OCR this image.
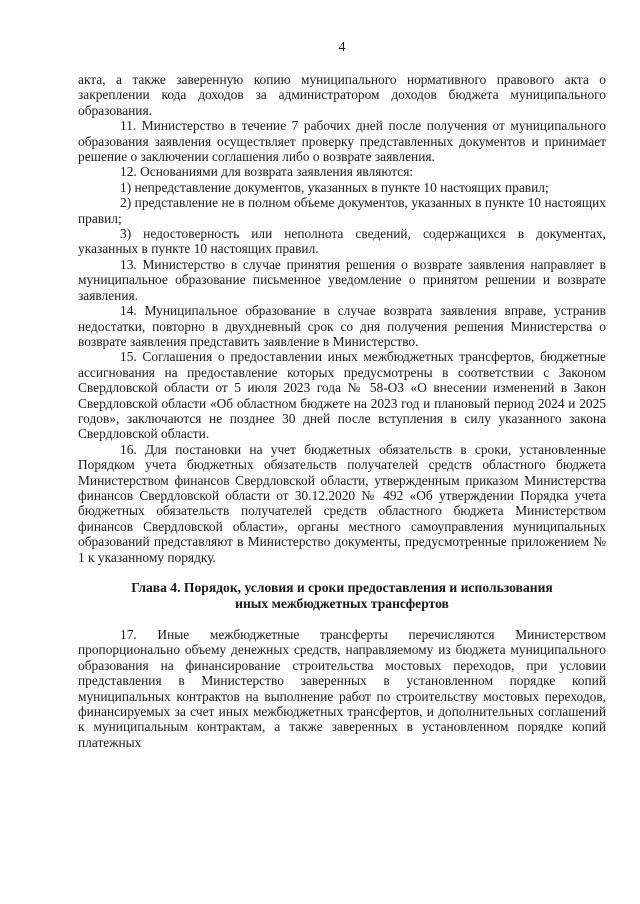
4

акта, а также заверенную копию муниципального нормативного правового акта о закреплении кода доходов за администратором доходов бюджета муниципального образования.

11. Министерство в течение 7 рабочих дней после получения от муниципального образования заявления осуществляет проверку представленных документов и принимает решение о заключении соглашения либо о возврате заявления.

12. Основаниями для возврата заявления являются:

1) непредставление документов, указанных в пункте 10 настоящих правил;

2) представление не в полном объеме документов, указанных в пункте 10 настоящих правил;

3) недостоверность или неполнота сведений, содержащихся в документах, указанных в пункте 10 настоящих правил.

13. Министерство в случае принятия решения о возврате заявления направляет в муниципальное образование письменное уведомление о принятом решении и возврате заявления.

14. Муниципальное образование в случае возврата заявления вправе, устранив недостатки, повторно в двухдневный срок со дня получения решения Министерства о возврате заявления представить заявление в Министерство.

15. Соглашения о предоставлении иных межбюджетных трансфертов, бюджетные ассигнования на предоставление которых предусмотрены в соответствии с Законом Свердловской области от 5 июля 2023 года № 58-ОЗ «О внесении изменений в Закон Свердловской области «Об областном бюджете на 2023 год и плановый период 2024 и 2025 годов», заключаются не позднее 30 дней после вступления в силу указанного закона Свердловской области.

16. Для постановки на учет бюджетных обязательств в сроки, установленные Порядком учета бюджетных обязательств получателей средств областного бюджета Министерством финансов Свердловской области, утвержденным приказом Министерства финансов Свердловской области от 30.12.2020 № 492 «Об утверждении Порядка учета бюджетных обязательств получателей средств областного бюджета Министерством финансов Свердловской области», органы местного самоуправления муниципальных образований представляют в Министерство документы, предусмотренные приложением № 1 к указанному порядку.

Глава 4. Порядок, условия и сроки предоставления и использования
иных межбюджетных трансфертов

17. Иные межбюджетные трансферты перечисляются Министерством пропорционально объему денежных средств, направляемому из бюджета муниципального образования на финансирование строительства мостовых переходов, при условии представления в Министерство заверенных в установленном порядке копий муниципальных контрактов на выполнение работ по строительству мостовых переходов, финансируемых за счет иных межбюджетных трансфертов, и дополнительных соглашений к муниципальным контрактам, а также заверенных в установленном порядке копий платежных
